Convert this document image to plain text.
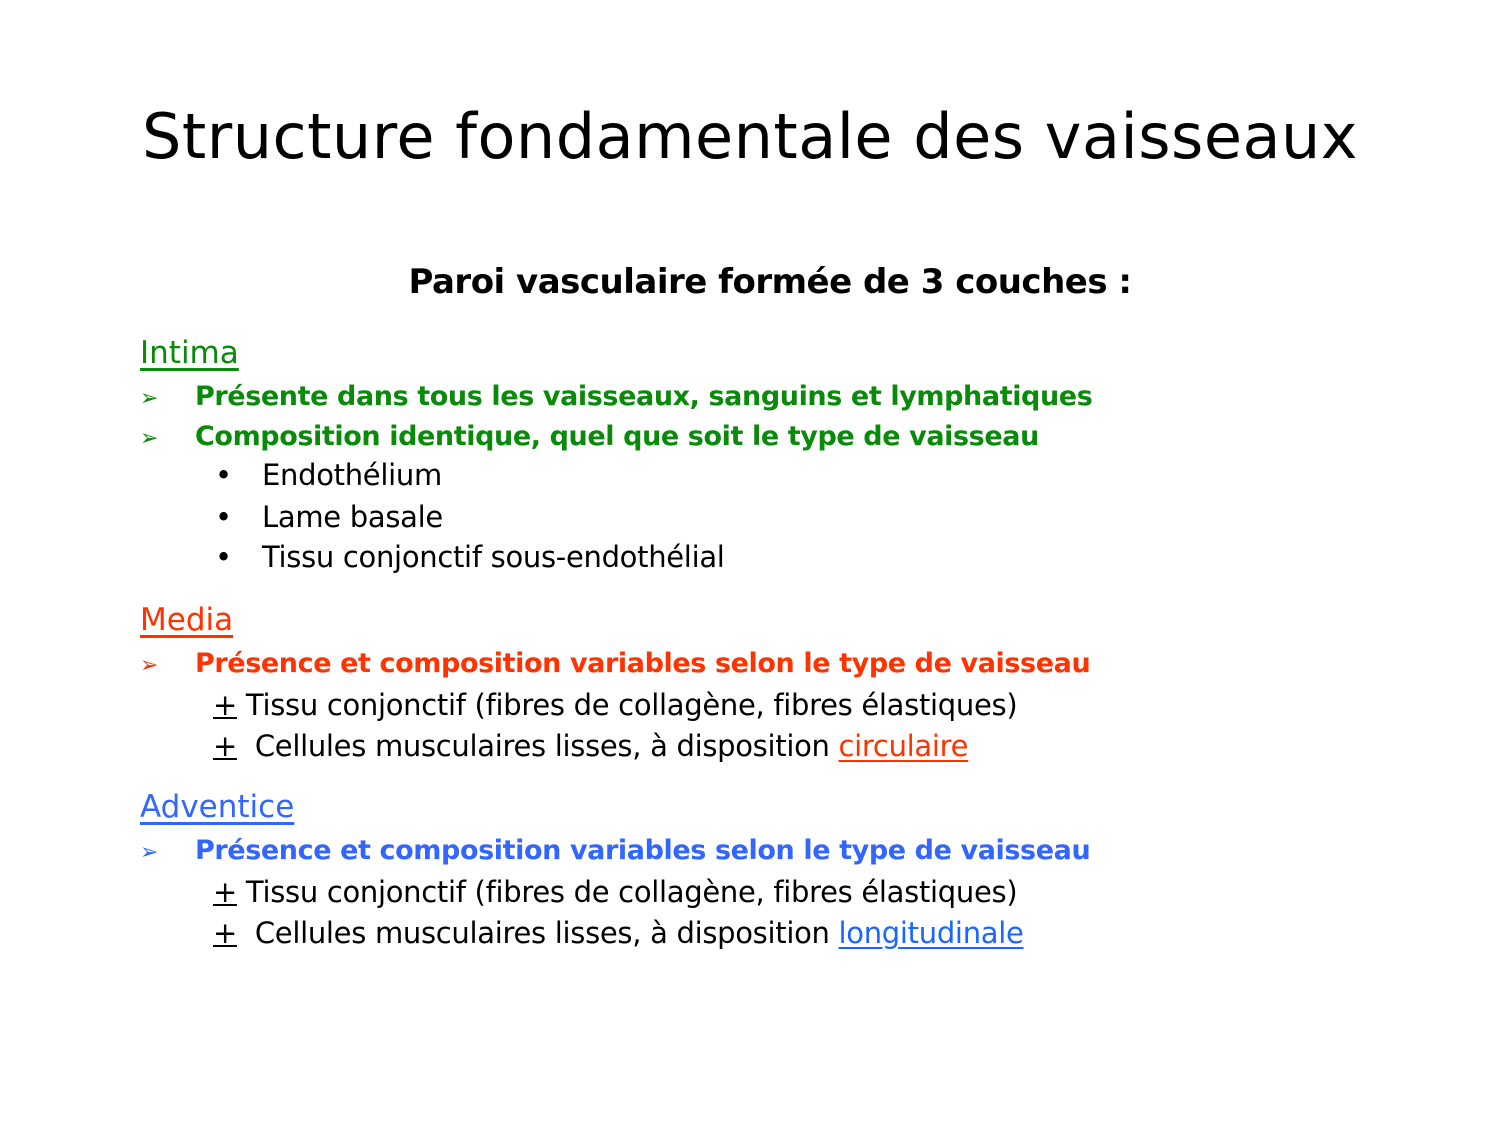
Structure fondamentale des vaisseaux
Paroi vasculaire formée de 3 couches :
Intima
➢ Présente dans tous les vaisseaux, sanguins et lymphatiques
➢ Composition identique, quel que soit le type de vaisseau
• Endothélium
• Lame basale
• Tissu conjonctif sous-endothélial
Media
➢ Présence et composition variables selon le type de vaisseau
+ Tissu conjonctif (fibres de collagène, fibres élastiques)
+  Cellules musculaires lisses, à disposition circulaire
Adventice
➢ Présence et composition variables selon le type de vaisseau
+ Tissu conjonctif (fibres de collagène, fibres élastiques)
+  Cellules musculaires lisses, à disposition longitudinale
